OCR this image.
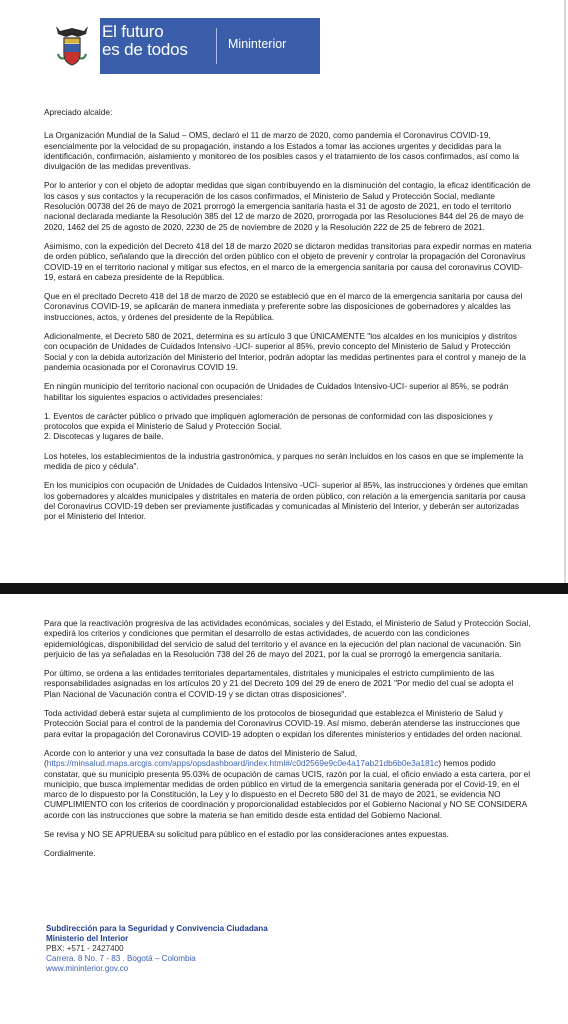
El futuro
es de todos	Mininterior

Apreciado alcalde:

La Organización Mundial de la Salud – OMS, declaró el 11 de marzo de 2020, como pandemia el Coronavirus COVID-19, esencialmente por la velocidad de su propagación, instando a los Estados a tomar las acciones urgentes y decididas para la identificación, confirmación, aislamiento y monitoreo de los posibles casos y el tratamiento de los casos confirmados, así como la divulgación de las medidas preventivas.

Por lo anterior y con el objeto de adoptar medidas que sigan contribuyendo en la disminución del contagio, la eficaz identificación de los casos y sus contactos y la recuperación de los casos confirmados, el Ministerio de Salud y Protección Social, mediante Resolución 00738 del 26 de mayo de 2021 prorrogó la emergencia sanitaria hasta el 31 de agosto de 2021, en todo el territorio nacional declarada mediante la Resolución 385 del 12 de marzo de 2020, prorrogada por las Resoluciones 844 del 26 de mayo de 2020, 1462 del 25 de agosto de 2020, 2230 de 25 de noviembre de 2020 y la Resolución 222 de 25 de febrero de 2021.

Asimismo, con la expedición del Decreto 418 del 18 de marzo 2020 se dictaron medidas transitorias para expedir normas en materia de orden público, señalando que la dirección del orden público con el objeto de prevenir y controlar la propagación del Coronavirus COVID-19 en el territorio nacional y mitigar sus efectos, en el marco de la emergencia sanitaria por causa del coronavirus COVID-19, estará en cabeza presidente de la República.

Que en el precitado Decreto 418 del 18 de marzo de 2020 se estableció que en el marco de la emergencia sanitaria por causa del Coronavirus COVID-19, se aplicarán de manera inmediata y preferente sobre las disposiciones de gobernadores y alcaldes las instrucciones, actos, y órdenes del presidente de la República.

Adicionalmente, el Decreto 580 de 2021, determina es su artículo 3 que ÚNICAMENTE "los alcaldes en los municipios y distritos con ocupación de Unidades de Cuidados Intensivo -UCI- superior al 85%, previo concepto del Ministerio de Salud y Protección Social y con la debida autorización del Ministerio del Interior, podrán adoptar las medidas pertinentes para el control y manejo de la pandemia ocasionada por el Coronavirus COVID 19.

En ningún municipio del territorio nacional con ocupación de Unidades de Cuidados Intensivo-UCI- superior al 85%, se podrán habilitar los siguientes espacios o actividades presenciales:

1. Eventos de carácter público o privado que impliquen aglomeración de personas de conformidad con las disposiciones y protocolos que expida el Ministerio de Salud y Protección Social.

2. Discotecas y lugares de baile.

Los hoteles, los establecimientos de la industria gastronómica, y parques no serán incluidos en los casos en que se implemente la medida de pico y cédula".

En los municipios con ocupación de Unidades de Cuidados Intensivo -UCI- superior al 85%, las instrucciones y órdenes que emitan los gobernadores y alcaldes municipales y distritales en materia de orden público, con relación a la emergencia sanitaria por causa del Coronavirus COVID-19 deben ser previamente justificadas y comunicadas al Ministerio del Interior, y deberán ser autorizadas por el Ministerio del Interior.

Para que la reactivación progresiva de las actividades económicas, sociales y del Estado, el Ministerio de Salud y Protección Social, expedirá los criterios y condiciones que permitan el desarrollo de estas actividades, de acuerdo con las condiciones epidemiológicas, disponibilidad del servicio de salud del territorio y el avance en la ejecución del plan nacional de vacunación. Sin perjuicio de las ya señaladas en la Resolución 738 del 26 de mayo del 2021, por la cual se prorrogó la emergencia sanitaria.

Por último, se ordena a las entidades territoriales departamentales, distritales y municipales el estricto cumplimiento de las responsabilidades asignadas en los artículos 20 y 21 del Decreto 109 del 29 de enero de 2021 "Por medio del cual se adopta el Plan Nacional de Vacunación contra el COVID-19 y se dictan otras disposiciones".

Toda actividad deberá estar sujeta al cumplimiento de los protocolos de bioseguridad que establezca el Ministerio de Salud y Protección Social para el control de la pandemia del Coronavirus COVID-19. Así mismo, deberán atenderse las instrucciones que para evitar la propagación del Coronavirus COVID-19 adopten o expidan los diferentes ministerios y entidades del orden nacional.

Acorde con lo anterior y una vez consultada la base de datos del Ministerio de Salud, (https://minsalud.maps.arcgis.com/apps/opsdashboard/index.html#/c0d2569e9c0e4a17ab21db6b0e3a181c) hemos podido constatar, que su municipio presenta 95.03% de ocupación de camas UCIS, razón por la cual, el oficio enviado a esta cartera, por el municipio, que busca implementar medidas de orden público en virtud de la emergencia sanitaria generada por el Covid-19, en el marco de lo dispuesto por la Constitución, la Ley y lo dispuesto en el Decreto 580 del 31 de mayo de 2021, se evidencia NO CUMPLIMIENTO con los criterios de coordinación y proporcionalidad establecidos por el Gobierno Nacional y NO SE CONSIDERA acorde con las instrucciones que sobre la materia se han emitido desde esta entidad del Gobierno Nacional.

Se revisa y NO SE APRUEBA su solicitud para público en el estadio por las consideraciones antes expuestas.

Cordialmente.

Subdirección para la Seguridad y Convivencia Ciudadana
Ministerio del Interior
PBX: +571 - 2427400
Carrera. 8 No. 7 - 83 . Bogotá – Colombia
www.mininterior.gov.co
